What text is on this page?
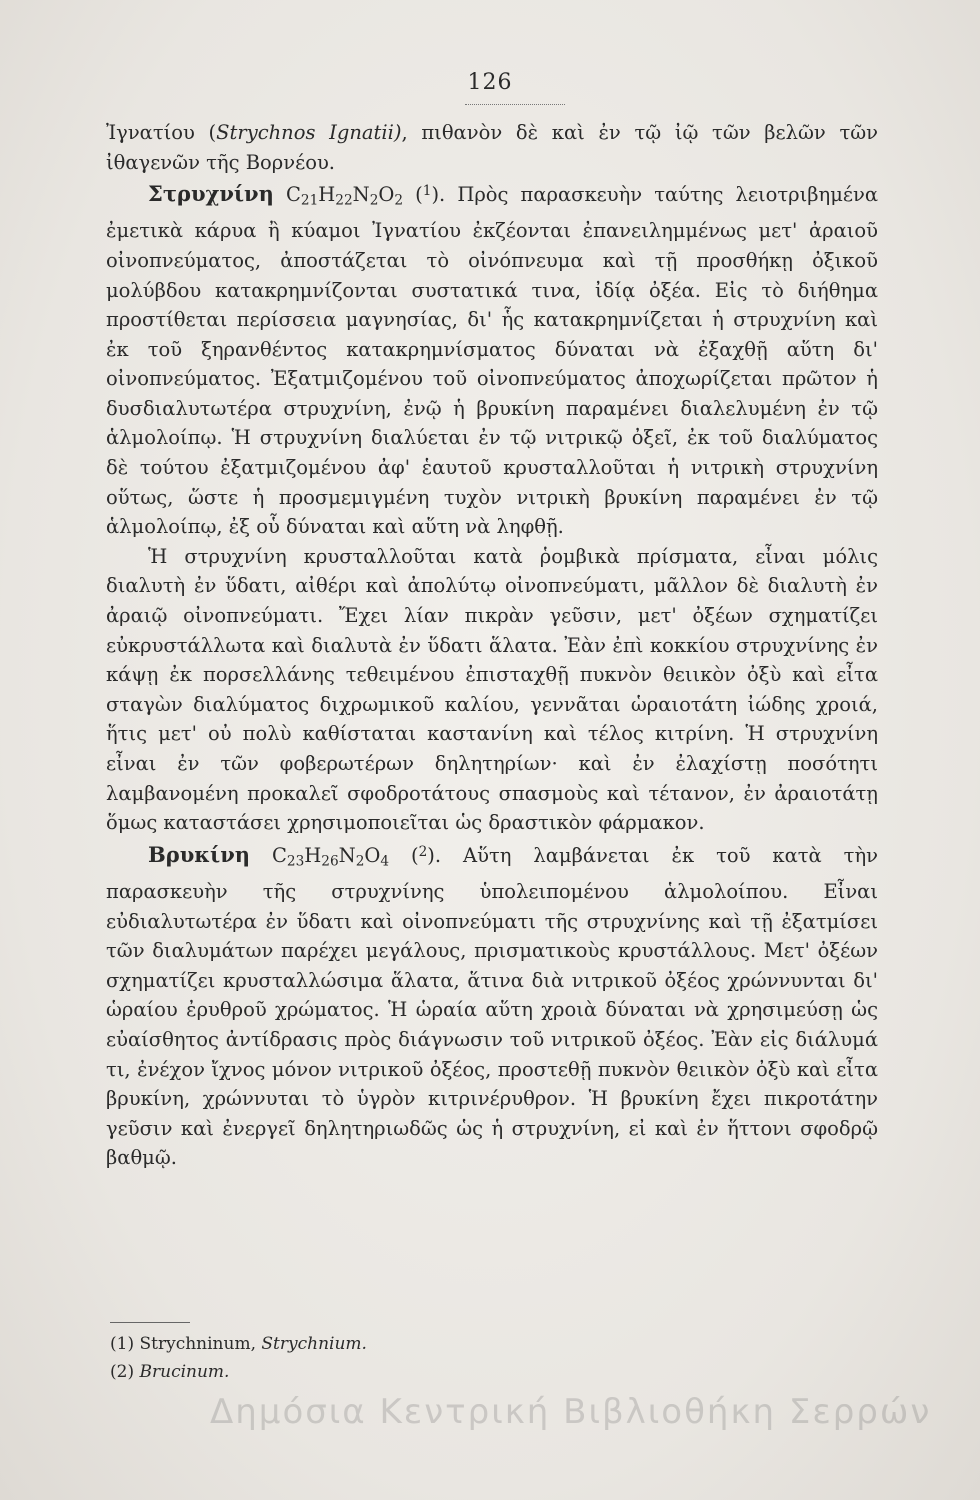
126

Ἰγνατίου (Strychnos Ignatii), πιθανὸν δὲ καὶ ἐν τῷ ἰῷ τῶν βελῶν τῶν ἰθαγενῶν τῆς Βορνέου.

Στρυχνίνη $C_{21}H_{22}N_2O_2$ ($^1$). Πρὸς παρασκευὴν ταύτης λειοτριβημένα ἐμετικὰ κάρυα ἢ κύαμοι Ἰγνατίου ἐκζέονται ἐπανειλημμένως μετ' ἀραιοῦ οἰνοπνεύματος, ἀποστάζεται τὸ οἰνόπνευμα καὶ τῇ προσθήκῃ ὀξικοῦ μολύβδου κατακρημνίζονται συστατικά τινα, ἰδίᾳ ὀξέα. Εἰς τὸ διήθημα προστίθεται περίσσεια μαγνησίας, δι' ἧς κατακρημνίζεται ἡ στρυχνίνη καὶ ἐκ τοῦ ξηρανθέντος κατακρημνίσματος δύναται νὰ ἐξαχθῇ αὕτη δι' οἰνοπνεύματος. Ἐξατμιζομένου τοῦ οἰνοπνεύματος ἀποχωρίζεται πρῶτον ἡ δυσδιαλυτωτέρα στρυχνίνη, ἐνῷ ἡ βρυκίνη παραμένει διαλελυμένη ἐν τῷ ἁλμολοίπῳ. Ἡ στρυχνίνη διαλύεται ἐν τῷ νιτρικῷ ὀξεῖ, ἐκ τοῦ διαλύματος δὲ τούτου ἐξατμιζομένου ἀφ' ἑαυτοῦ κρυσταλλοῦται ἡ νιτρικὴ στρυχνίνη οὕτως, ὥστε ἡ προσμεμιγμένη τυχὸν νιτρικὴ βρυκίνη παραμένει ἐν τῷ ἁλμολοίπῳ, ἐξ οὗ δύναται καὶ αὕτη νὰ ληφθῇ.

Ἡ στρυχνίνη κρυσταλλοῦται κατὰ ῥομβικὰ πρίσματα, εἶναι μόλις διαλυτὴ ἐν ὕδατι, αἰθέρι καὶ ἀπολύτῳ οἰνοπνεύματι, μᾶλλον δὲ διαλυτὴ ἐν ἀραιῷ οἰνοπνεύματι. Ἔχει λίαν πικρὰν γεῦσιν, μετ' ὀξέων σχηματίζει εὐκρυστάλλωτα καὶ διαλυτὰ ἐν ὕδατι ἅλατα. Ἐὰν ἐπὶ κοκκίου στρυχνίνης ἐν κάψῃ ἐκ πορσελλάνης τεθειμένου ἐπισταχθῇ πυκνὸν θειικὸν ὀξὺ καὶ εἶτα σταγὼν διαλύματος διχρωμικοῦ καλίου, γεννᾶται ὡραιοτάτη ἰώδης χροιά, ἥτις μετ' οὐ πολὺ καθίσταται καστανίνη καὶ τέλος κιτρίνη. Ἡ στρυχνίνη εἶναι ἐν τῶν φοβερωτέρων δηλητηρίων· καὶ ἐν ἐλαχίστῃ ποσότητι λαμβανομένη προκαλεῖ σφοδροτάτους σπασμοὺς καὶ τέτανον, ἐν ἀραιοτάτῃ ὅμως καταστάσει χρησιμοποιεῖται ὡς δραστικὸν φάρμακον.

Βρυκίνη $C_{23}H_{26}N_2O_4$ ($^2$). Αὕτη λαμβάνεται ἐκ τοῦ κατὰ τὴν παρασκευὴν τῆς στρυχνίνης ὑπολειπομένου ἁλμολοίπου. Εἶναι εὐδιαλυτωτέρα ἐν ὕδατι καὶ οἰνοπνεύματι τῆς στρυχνίνης καὶ τῇ ἐξατμίσει τῶν διαλυμάτων παρέχει μεγάλους, πρισματικοὺς κρυστάλλους. Μετ' ὀξέων σχηματίζει κρυσταλλώσιμα ἅλατα, ἅτινα διὰ νιτρικοῦ ὀξέος χρώννυνται δι' ὡραίου ἐρυθροῦ χρώματος. Ἡ ὡραία αὕτη χροιὰ δύναται νὰ χρησιμεύσῃ ὡς εὐαίσθητος ἀντίδρασις πρὸς διάγνωσιν τοῦ νιτρικοῦ ὀξέος. Ἐὰν εἰς διάλυμά τι, ἐνέχον ἴχνος μόνον νιτρικοῦ ὀξέος, προστεθῇ πυκνὸν θειικὸν ὀξὺ καὶ εἶτα βρυκίνη, χρώννυται τὸ ὑγρὸν κιτρινέρυθρον. Ἡ βρυκίνη ἔχει πικροτάτην γεῦσιν καὶ ἐνεργεῖ δηλητηριωδῶς ὡς ἡ στρυχνίνη, εἰ καὶ ἐν ἥττονι σφοδρῷ βαθμῷ.

(1) Strychninum, Strychnium.
(2) Brucinum.
Δημόσια Κεντρική Βιβλιοθήκη Σερρών
